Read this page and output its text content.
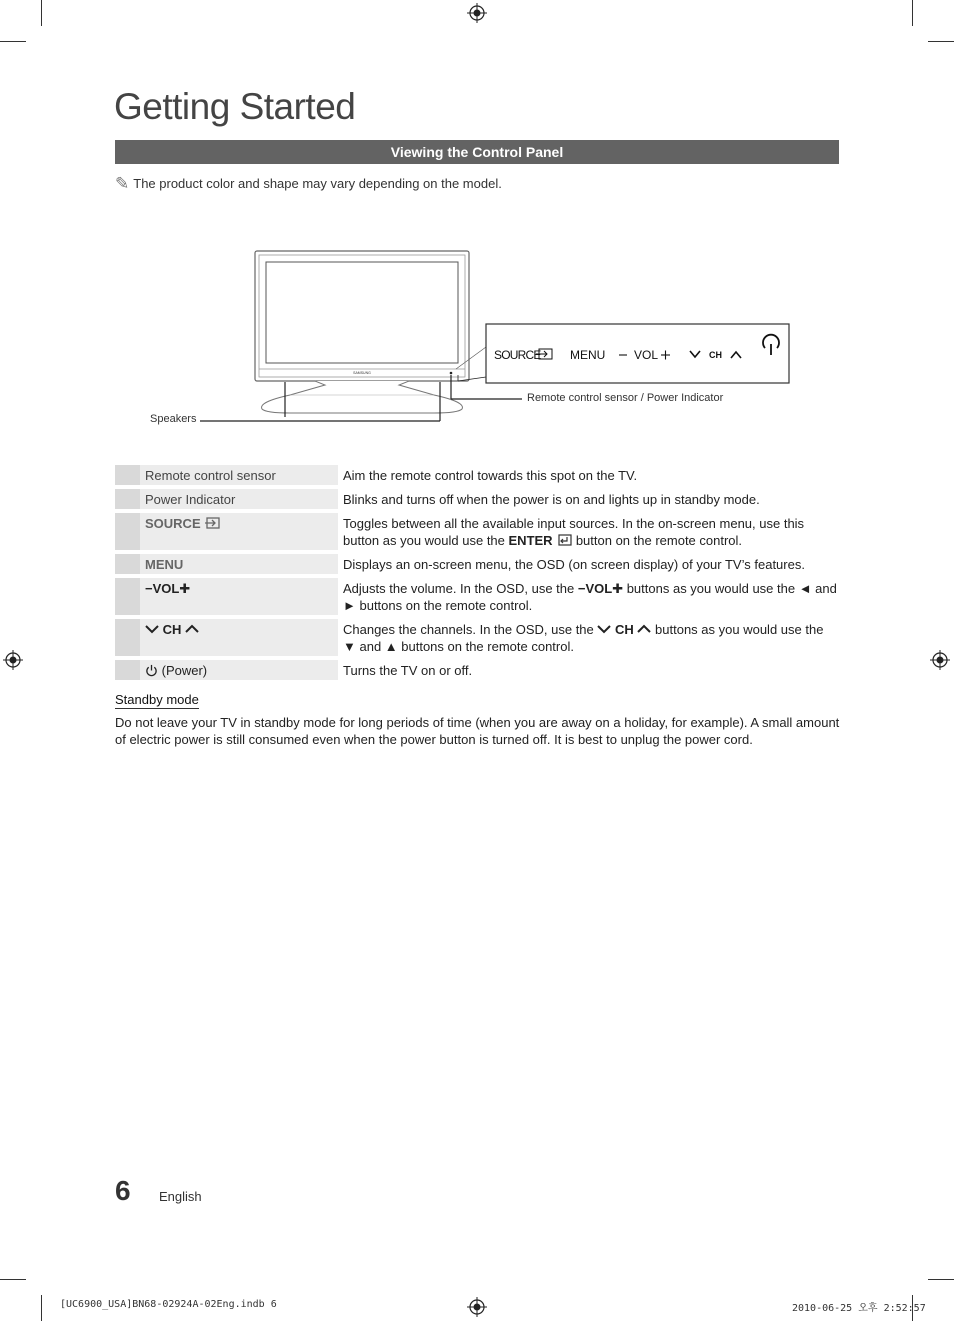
Getting Started
Viewing the Control Panel
✎ The product color and shape may vary depending on the model.
SAMSUNG
Speakers
Remote control sensor / Power Indicator
SOURCE MENU VOL	CH
	Remote control sensor		Aim the remote control towards this spot on the TV.
	Power Indicator		Blinks and turns off when the power is on and lights up in standby mode.
	SOURCE		Toggles between all the available input sources. In the on-screen menu, use this button as you would use the ENTER  button on the remote control.
	MENU		Displays an on-screen menu, the OSD (on screen display) of your TV’s features.
	−VOL✚		Adjusts the volume. In the OSD, use the −VOL✚ buttons as you would use the ◄ and ► buttons on the remote control.
	CH		Changes the channels. In the OSD, use the  CH  buttons as you would use the ▼ and ▲ buttons on the remote control.
	(Power)		Turns the TV on or off.
Standby mode
Do not leave your TV in standby mode for long periods of time (when you are away on a holiday, for example). A small amount of electric power is still consumed even when the power button is turned off. It is best to unplug the power cord.
6 English
[UC6900_USA]BN68-02924A-02Eng.indb 6	2010-06-25 오후 2:52:57
